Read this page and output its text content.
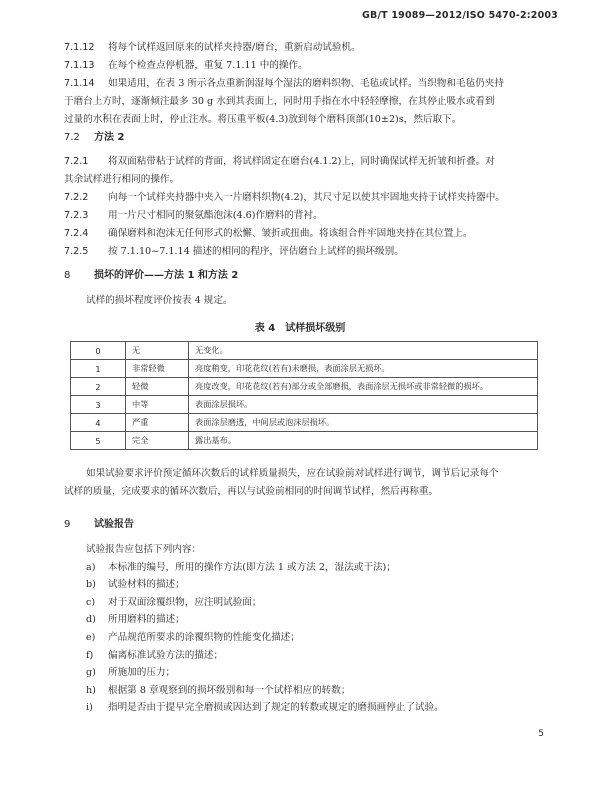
GB/T 19089—2012/ISO 5470-2:2003
7.1.12 将每个试样返回原来的试样夹持器/磨台，重新启动试验机。
7.1.13 在每个检查点停机器，重复 7.1.11 中的操作。
7.1.14 如果适用，在表 3 所示各点重新润湿每个湿法的磨料织物、毛毡或试样。当织物和毛毡仍夹持
于磨台上方时，逐渐倾注最多 30 g 水到其表面上，同时用手指在水中轻轻摩擦，在其停止吸水或看到
过量的水积在表面上时，停止注水。将压重平板(4.3)放到每个磨料顶部(10±2)s，然后取下。
7.2 方法 2
7.2.1 将双面粘带粘于试样的背面，将试样固定在磨台(4.1.2)上，同时确保试样无折皱和折叠。对
其余试样进行相同的操作。
7.2.2 向每一个试样夹持器中夹入一片磨料织物(4.2)，其尺寸足以使其牢固地夹持于试样夹持器中。
7.2.3 用一片尺寸相同的聚氨酯泡沫(4.6)作磨料的背衬。
7.2.4 确保磨料和泡沫无任何形式的松懈、皱折或扭曲。将该组合件牢固地夹持在其位置上。
7.2.5 按 7.1.10~7.1.14 描述的相同的程序，评估磨台上试样的损坏级别。
8 损坏的评价——方法 1 和方法 2
试样的损坏程度评价按表 4 规定。
表 4　试样损坏级别
0	无	无变化。
1	非常轻微	亮度稍变，印花花纹(若有)未磨损，表面涂层无损坏。
2	轻微	亮度改变，印花花纹(若有)部分或全部磨损，表面涂层无损坏或非常轻微的损坏。
3	中等	表面涂层损坏。
4	严重	表面涂层磨透，中间层或泡沫层损坏。
5	完全	露出基布。
如果试验要求评价预定循环次数后的试样质量损失，应在试验前对试样进行调节，调节后记录每个
试样的质量，完成要求的循环次数后，再以与试验前相同的时间调节试样，然后再称重。
9 试验报告
试验报告应包括下列内容：
a) 本标准的编号，所用的操作方法(即方法 1 或方法 2，湿法或干法)；
b) 试验材料的描述；
c) 对于双面涂覆织物，应注明试验面；
d) 所用磨料的描述；
e) 产品规范所要求的涂覆织物的性能变化描述；
f) 偏离标准试验方法的描述；
g) 所施加的压力；
h) 根据第 8 章观察到的损坏级别和每一个试样相应的转数；
i) 指明是否由于提早完全磨损或因达到了规定的转数或规定的磨损画停止了试验。
5
